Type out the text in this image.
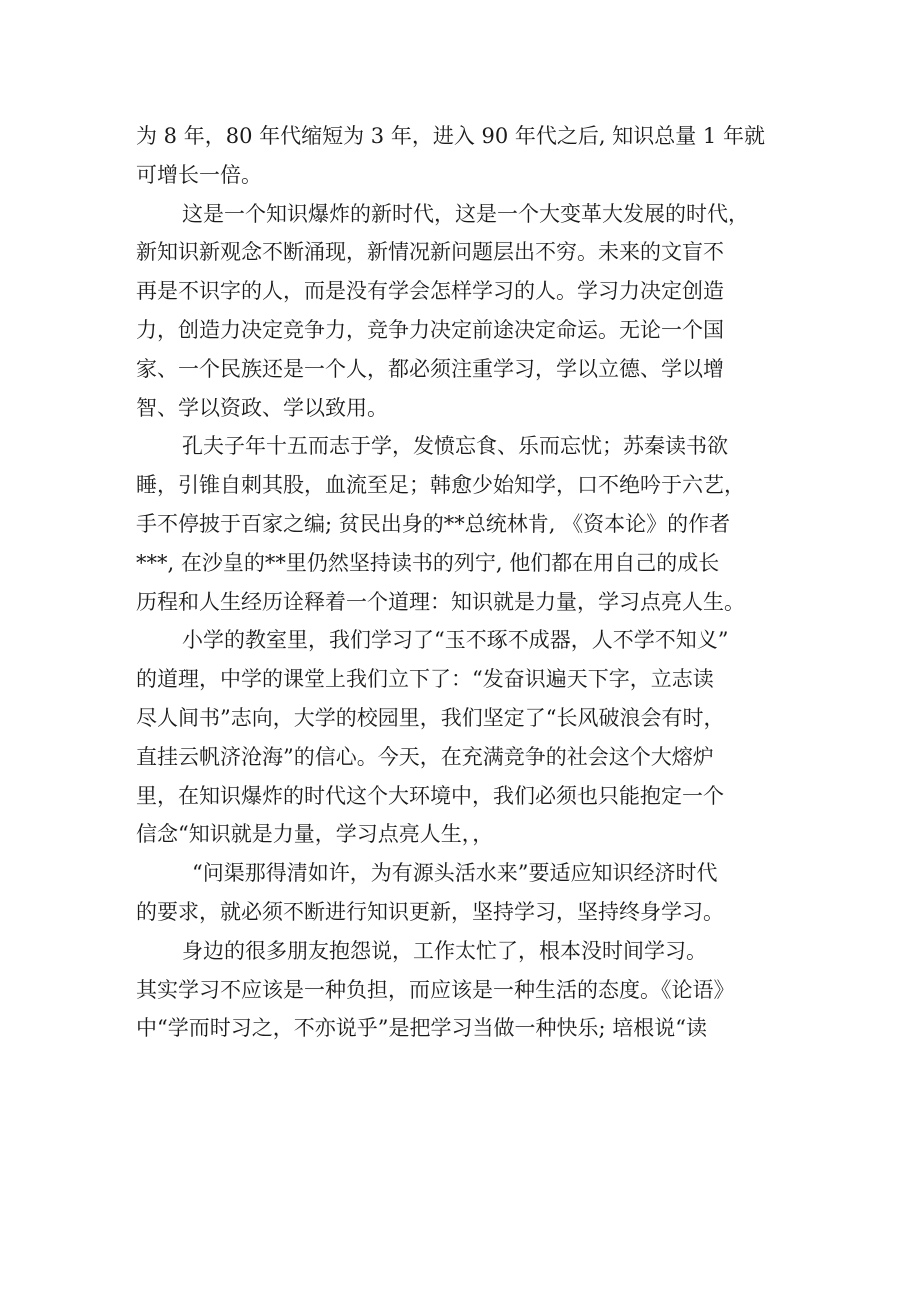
为 8 年，80 年代缩短为 3 年，进入 90 年代之后, 知识总量 1 年就
可增长一倍。
这是一个知识爆炸的新时代，这是一个大变革大发展的时代，
新知识新观念不断涌现，新情况新问题层出不穷。未来的文盲不
再是不识字的人，而是没有学会怎样学习的人。学习力决定创造
力，创造力决定竞争力，竞争力决定前途决定命运。无论一个国
家、一个民族还是一个人，都必须注重学习，学以立德、学以增
智、学以资政、学以致用。
孔夫子年十五而志于学，发愤忘食、乐而忘忧；苏秦读书欲
睡，引锥自刺其股，血流至足；韩愈少始知学，口不绝吟于六艺，
手不停披于百家之编; 贫民出身的**总统林肯, 《资本论》的作者
***, 在沙皇的**里仍然坚持读书的列宁, 他们都在用自己的成长
历程和人生经历诠释着一个道理：知识就是力量，学习点亮人生。
小学的教室里，我们学习了“玉不琢不成器，人不学不知义”
的道理，中学的课堂上我们立下了：“发奋识遍天下字，立志读
尽人间书”志向，大学的校园里，我们坚定了“长风破浪会有时，
直挂云帆济沧海”的信心。今天，在充满竞争的社会这个大熔炉
里，在知识爆炸的时代这个大环境中，我们必须也只能抱定一个
信念“知识就是力量，学习点亮人生，，
“问渠那得清如许，为有源头活水来”要适应知识经济时代
的要求，就必须不断进行知识更新，坚持学习，坚持终身学习。
身边的很多朋友抱怨说，工作太忙了，根本没时间学习。
其实学习不应该是一种负担，而应该是一种生活的态度。《论语》
中“学而时习之，不亦说乎”是把学习当做一种快乐; 培根说“读
